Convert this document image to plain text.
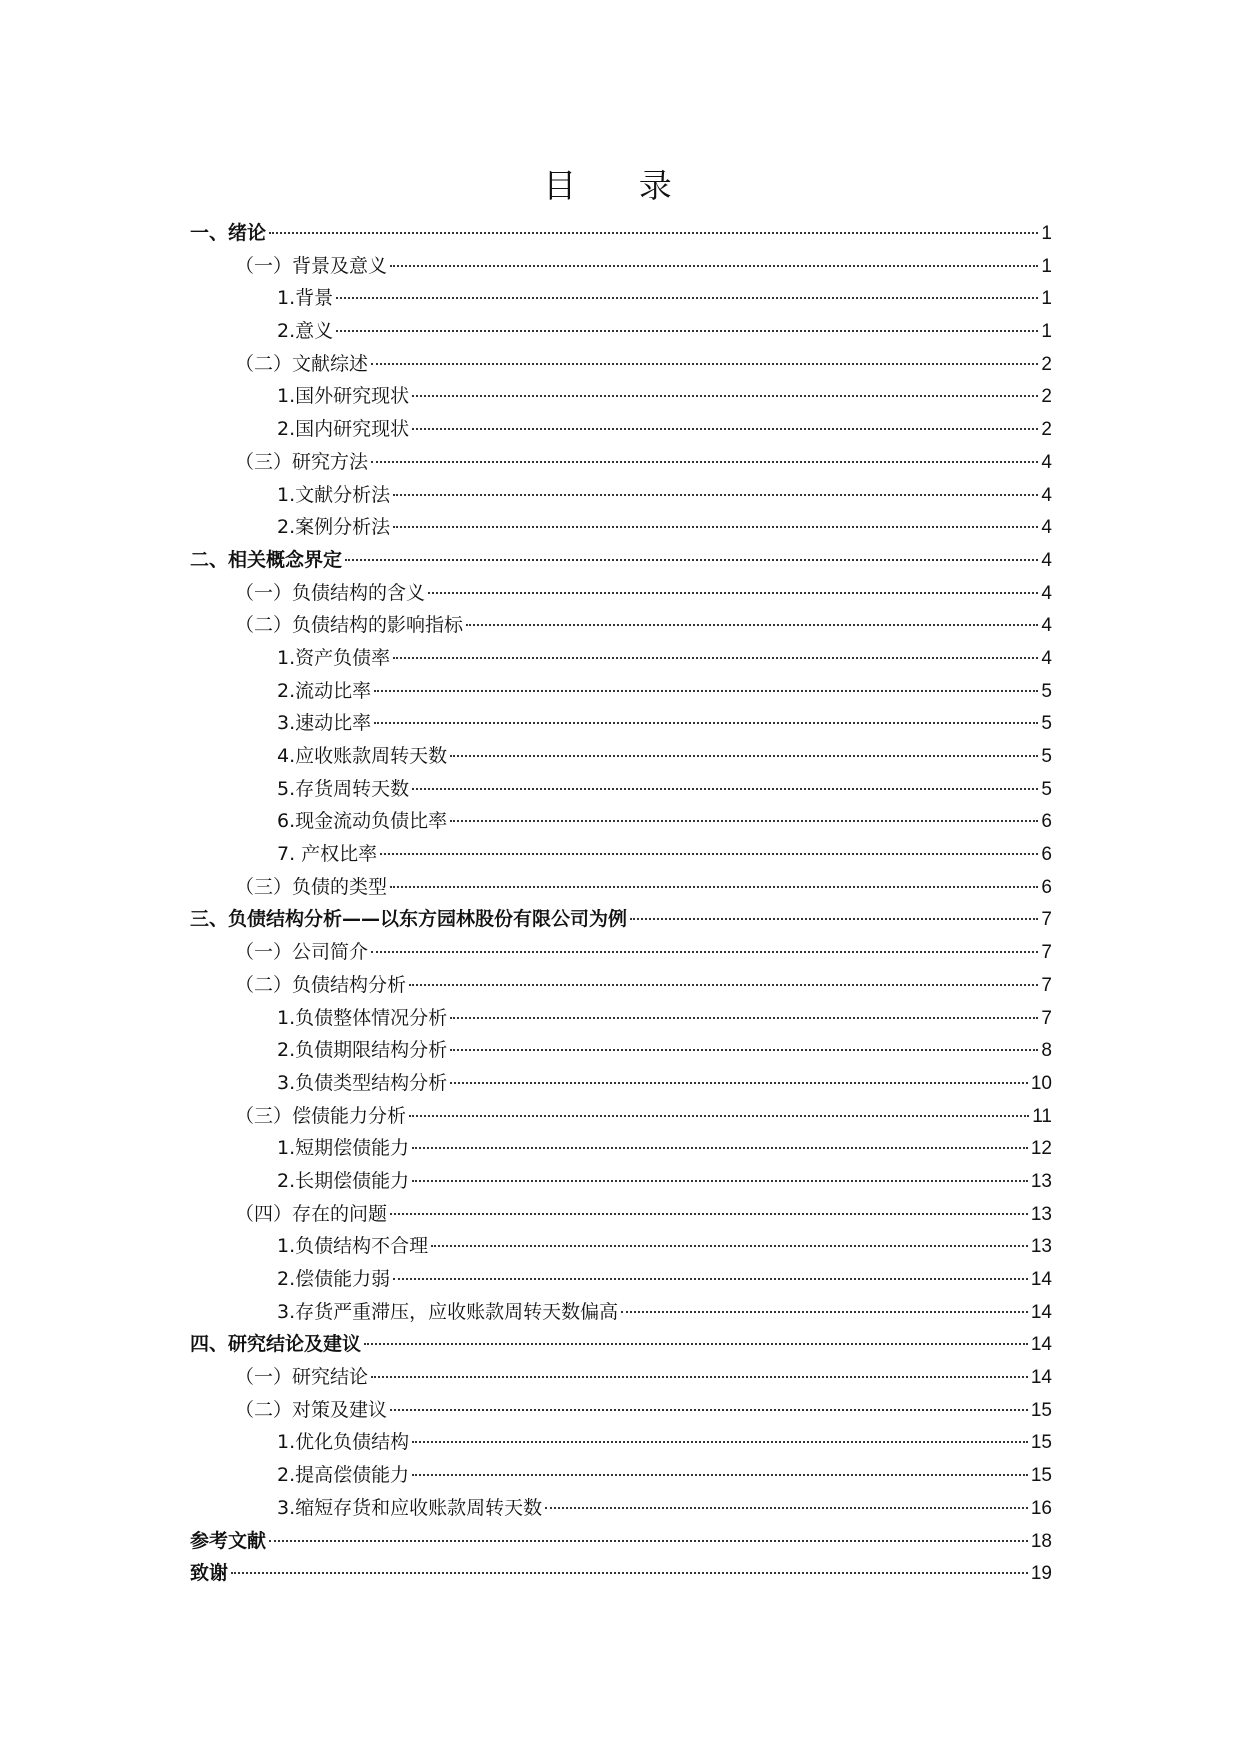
目 录
一、绪论	1
（一）背景及意义	1
1.背景	1
2.意义	1
（二）文献综述	2
1.国外研究现状	2
2.国内研究现状	2
（三）研究方法	4
1.文献分析法	4
2.案例分析法	4
二、相关概念界定	4
（一）负债结构的含义	4
（二）负债结构的影响指标	4
1.资产负债率	4
2.流动比率	5
3.速动比率	5
4.应收账款周转天数	5
5.存货周转天数	5
6.现金流动负债比率	6
7. 产权比率	6
（三）负债的类型	6
三、负债结构分析——以东方园林股份有限公司为例	7
（一）公司简介	7
（二）负债结构分析	7
1.负债整体情况分析	7
2.负债期限结构分析	8
3.负债类型结构分析	10
（三）偿债能力分析	11
1.短期偿债能力	12
2.长期偿债能力	13
（四）存在的问题	13
1.负债结构不合理	13
2.偿债能力弱	14
3.存货严重滞压，应收账款周转天数偏高	14
四、研究结论及建议	14
（一）研究结论	14
（二）对策及建议	15
1.优化负债结构	15
2.提高偿债能力	15
3.缩短存货和应收账款周转天数	16
参考文献	18
致谢	19
